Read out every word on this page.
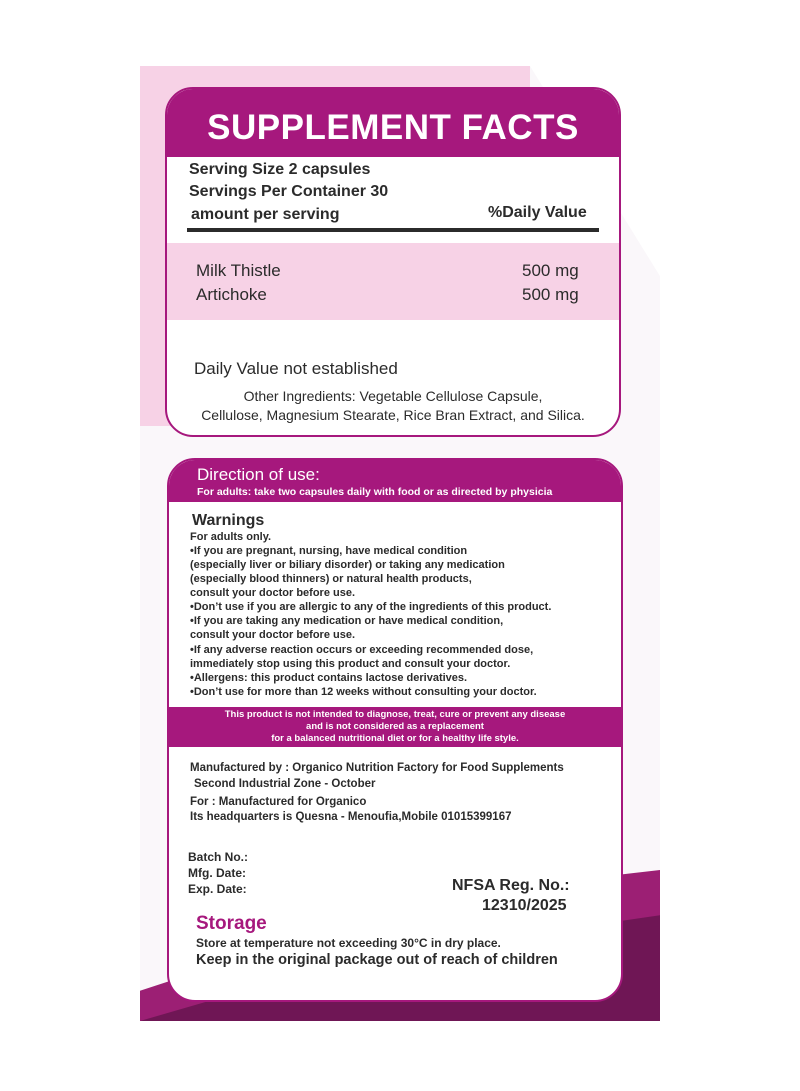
SUPPLEMENT FACTS
Serving Size 2 capsules
Servings Per Container 30
amount per serving	%Daily Value
Milk Thistle	500 mg
Artichoke	500 mg
Daily Value not established
Other Ingredients: Vegetable Cellulose Capsule,
Cellulose, Magnesium Stearate, Rice Bran Extract, and Silica.
Direction of use:
For adults: take two capsules daily with food or as directed by physicia
Warnings
For adults only.
•If you are pregnant, nursing, have medical condition
(especially liver or biliary disorder) or taking any medication
(especially blood thinners) or natural health products,
consult your doctor before use.
•Don’t use if you are allergic to any of the ingredients of this product.
•If you are taking any medication or have medical condition,
consult your doctor before use.
•If any adverse reaction occurs or exceeding recommended dose,
immediately stop using this product and consult your doctor.
•Allergens: this product contains lactose derivatives.
•Don’t use for more than 12 weeks without consulting your doctor.
This product is not intended to diagnose, treat, cure or prevent any disease
and is not considered as a replacement
for a balanced nutritional diet or for a healthy life style.
Manufactured by : Organico Nutrition Factory for Food Supplements
Second Industrial Zone - October
For : Manufactured for Organico
Its headquarters is Quesna - Menoufia,Mobile 01015399167
Batch No.:
Mfg. Date:
Exp. Date:	NFSA Reg. No.:
12310/2025
Storage
Store at temperature not exceeding 30°C in dry place.
Keep in the original package out of reach of children
